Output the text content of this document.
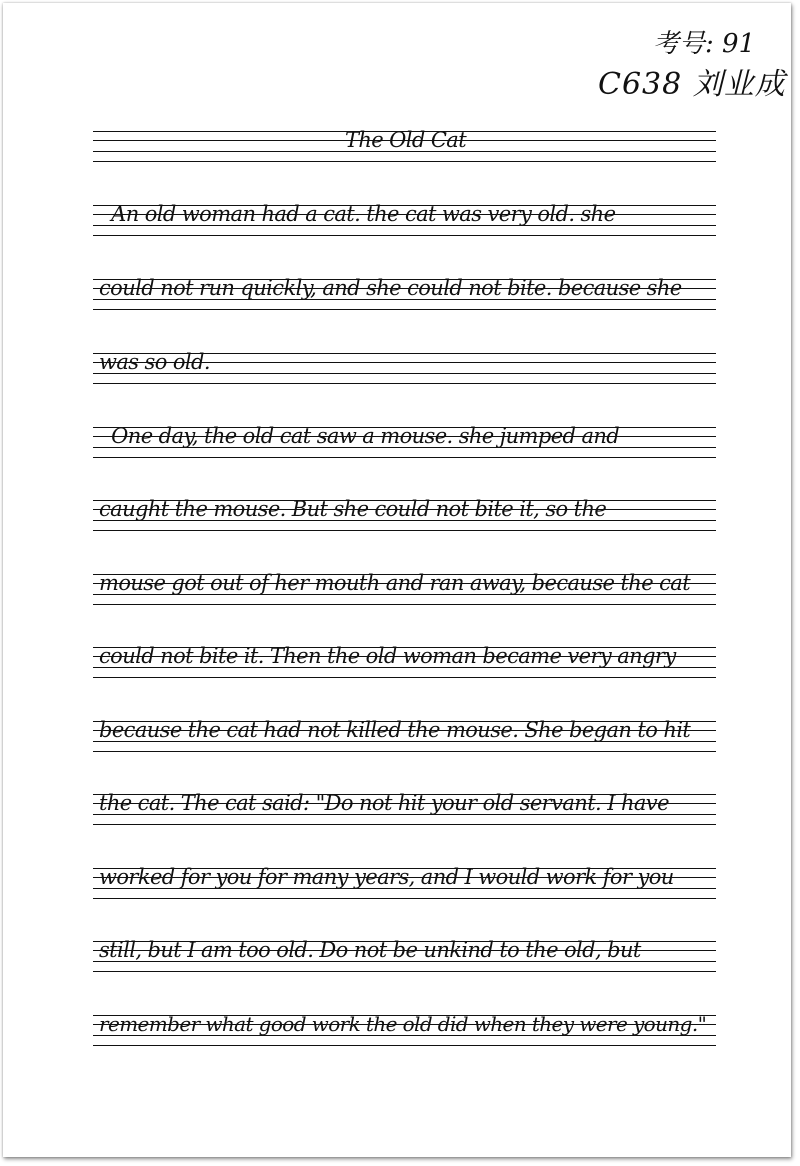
考号: 91
C638 刘业成
The Old Cat
An old woman had a cat. the cat was very old. she
could not run quickly, and she could not bite. because she
was so old.
One day, the old cat saw a mouse. she jumped and
caught the mouse. But she could not bite it, so the
mouse got out of her mouth and ran away, because the cat
could not bite it. Then the old woman became very angry
because the cat had not killed the mouse. She began to hit
the cat. The cat said: "Do not hit your old servant. I have
worked for you for many years, and I would work for you
still, but I am too old. Do not be unkind to the old, but
remember what good work the old did when they were young."
